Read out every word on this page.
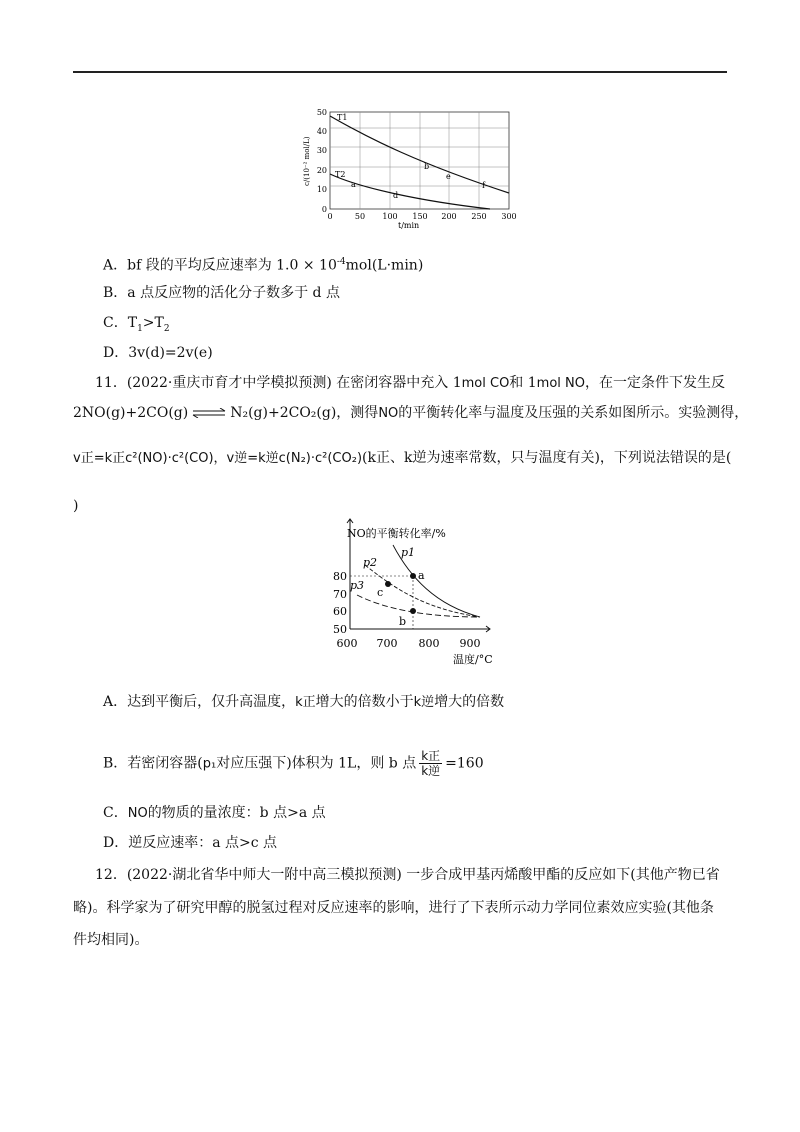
T1
T2
a
b
d
e
f
0
10
20
30
40
50
0	50 100 150 200 250 300
t/min
c/(10⁻² mol/L)
A．bf 段的平均反应速率为 $1.0 \times 10^{-4}mol(L\cdot\min)$
B．a 点反应物的活化分子数多于 d 点
C．$T_1>T_2$
D．3v(d)=2v(e)
11．(2022·重庆市育才中学模拟预测) 在密闭容器中充入 1mol CO和 1mol NO，在一定条件下发生反
2NO(g)+2CO(g) ⇌ N₂(g)+2CO₂(g)，测得NO的平衡转化率与温度及压强的关系如图所示。实验测得，
v正=k正c²(NO)·c²(CO)，v逆=k逆c(N₂)·c²(CO₂)(k正、k逆为速率常数，只与温度有关)，下列说法错误的是(
)
p1
p2
p3
a
b
c
50
60
70
80
600 700 800 900
温度/°C
NO的平衡转化率/%
A．达到平衡后，仅升高温度，k正增大的倍数小于k逆增大的倍数
B．若密闭容器(p₁对应压强下)体积为 1L，则 b 点 $\frac{\text{k正}}{\text{k逆}} =160$
C．NO的物质的量浓度：b 点>a 点
D．逆反应速率：a 点>c 点
12．(2022·湖北省华中师大一附中高三模拟预测) 一步合成甲基丙烯酸甲酯的反应如下(其他产物已省
略)。科学家为了研究甲醇的脱氢过程对反应速率的影响，进行了下表所示动力学同位素效应实验(其他条
件均相同)。
